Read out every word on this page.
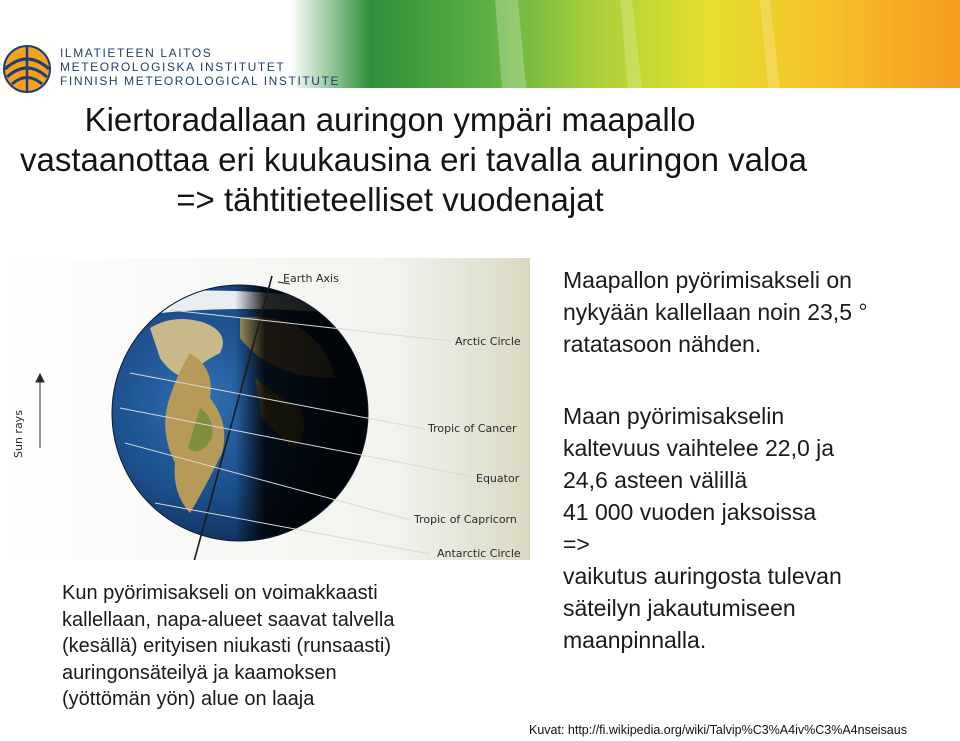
ILMATIETEEN LAITOS
METEOROLOGISKA INSTITUTET
FINNISH METEOROLOGICAL INSTITUTE
Kiertoradallaan auringon ympäri maapallo
vastaanottaa eri kuukausina eri tavalla auringon valoa
=> tähtitieteelliset vuodenajat
Sun rays
Earth Axis
Arctic Circle
Tropic of Cancer
Equator
Tropic of Capricorn
Antarctic Circle
Kun pyörimisakseli on voimakkaasti
kallellaan, napa-alueet saavat talvella
(kesällä) erityisen niukasti (runsaasti)
auringonsäteilyä ja kaamoksen
(yöttömän yön) alue on laaja
Maapallon pyörimisakseli on
nykyään kallellaan noin 23,5 °
ratatasoon nähden.
Maan pyörimisakselin
kaltevuus vaihtelee 22,0 ja
24,6 asteen välillä
41 000 vuoden jaksoissa
=>
vaikutus auringosta tulevan
säteilyn jakautumiseen
maanpinnalla.
Kuvat: http://fi.wikipedia.org/wiki/Talvip%C3%A4iv%C3%A4nseisaus
